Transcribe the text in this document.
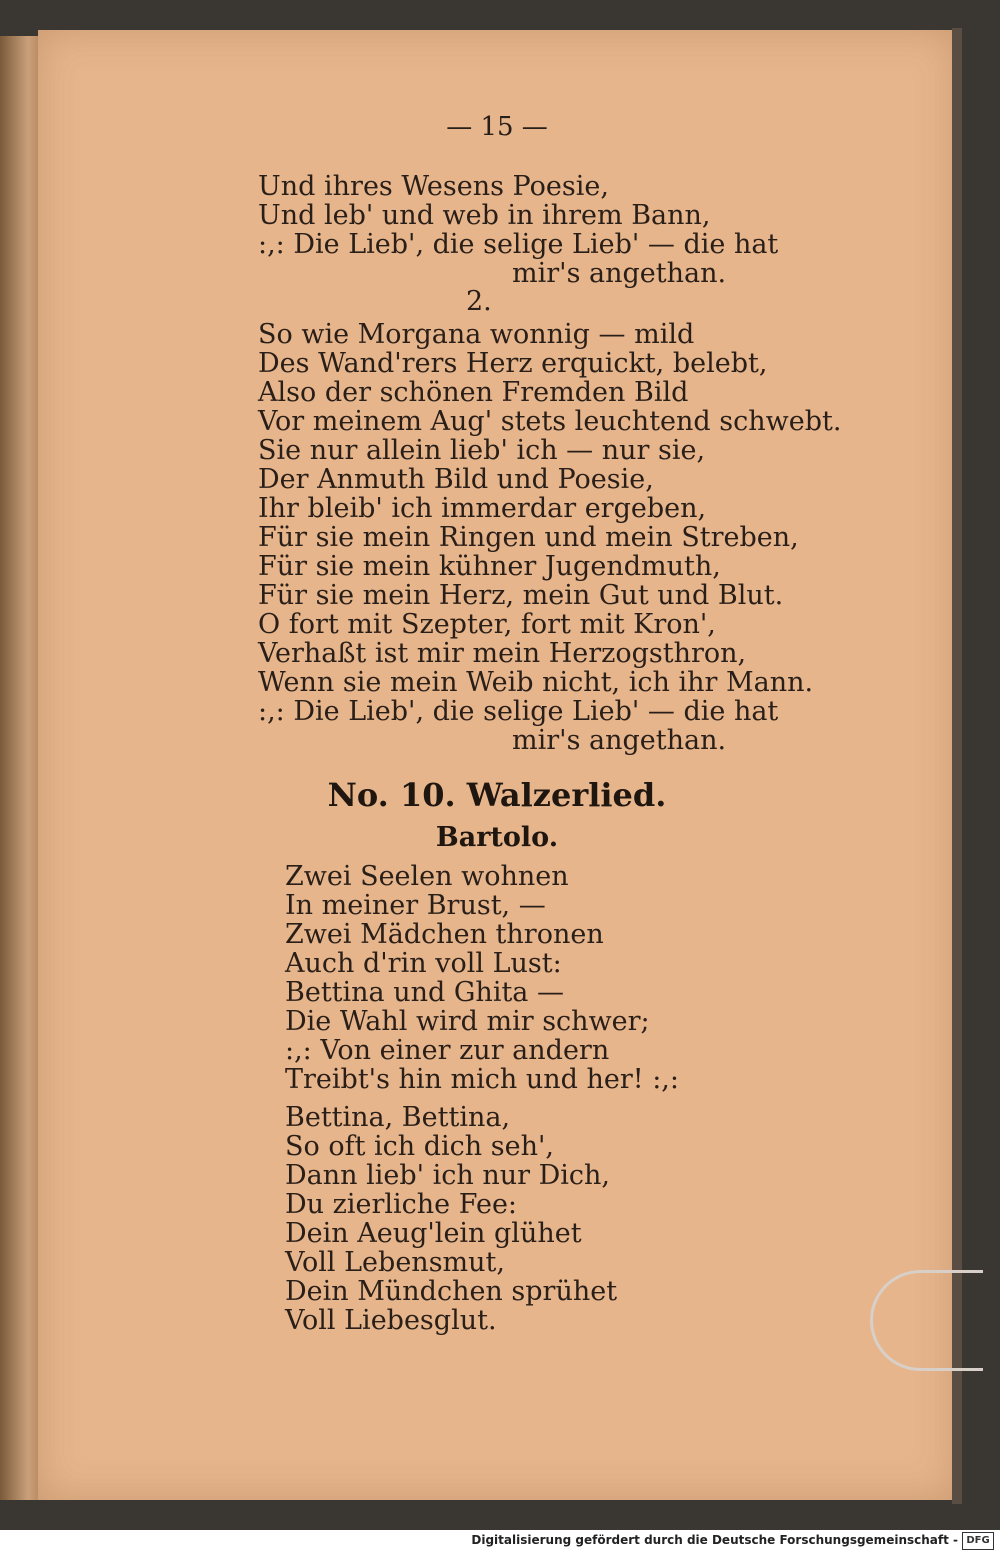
— 15 —
Und ihres Wesens Poesie,
Und leb' und web in ihrem Bann,
:,: Die Lieb', die selige Lieb' — die hat
mir's angethan.
2.
So wie Morgana wonnig — mild
Des Wand'rers Herz erquickt, belebt,
Also der schönen Fremden Bild
Vor meinem Aug' stets leuchtend schwebt.
Sie nur allein lieb' ich — nur sie,
Der Anmuth Bild und Poesie,
Ihr bleib' ich immerdar ergeben,
Für sie mein Ringen und mein Streben,
Für sie mein kühner Jugendmuth,
Für sie mein Herz, mein Gut und Blut.
O fort mit Szepter, fort mit Kron',
Verhaßt ist mir mein Herzogsthron,
Wenn sie mein Weib nicht, ich ihr Mann.
:,: Die Lieb', die selige Lieb' — die hat
mir's angethan.
No. 10. Walzerlied.
Bartolo.
Zwei Seelen wohnen
In meiner Brust, —
Zwei Mädchen thronen
Auch d'rin voll Lust:
Bettina und Ghita —
Die Wahl wird mir schwer;
:,: Von einer zur andern
Treibt's hin mich und her! :,:
Bettina, Bettina,
So oft ich dich seh',
Dann lieb' ich nur Dich,
Du zierliche Fee:
Dein Aeug'lein glühet
Voll Lebensmut,
Dein Mündchen sprühet
Voll Liebesglut.
Digitalisierung gefördert durch die Deutsche Forschungsgemeinschaft - DFG
